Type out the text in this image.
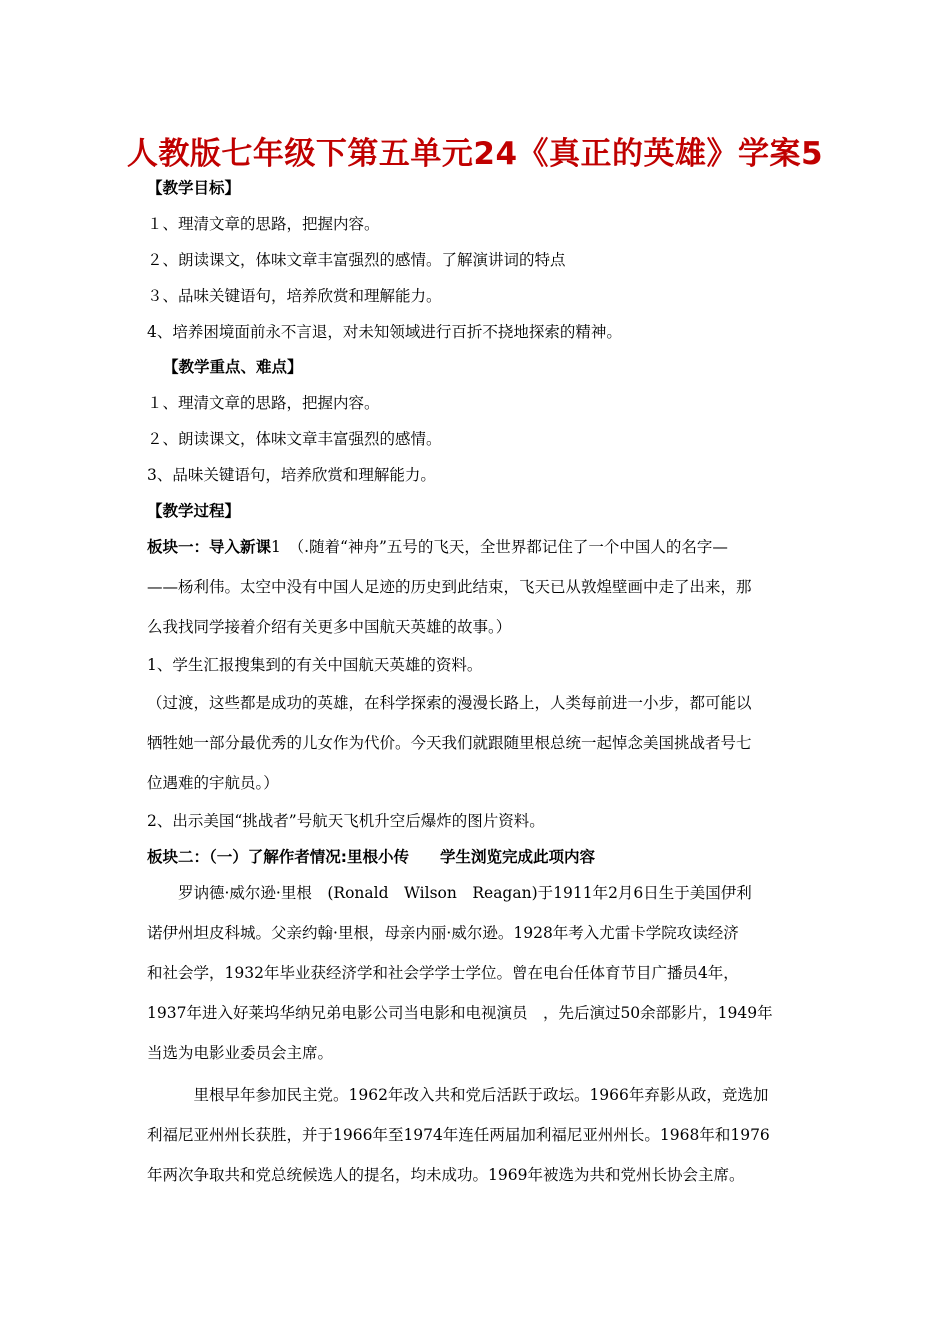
人教版七年级下第五单元24《真正的英雄》学案5
【教学目标】
１、理清文章的思路，把握内容。
２、朗读课文，体味文章丰富强烈的感情。了解演讲词的特点
３、品味关键语句，培养欣赏和理解能力。
4、培养困境面前永不言退，对未知领域进行百折不挠地探索的精神。
【教学重点、难点】
１、理清文章的思路，把握内容。
２、朗读课文，体味文章丰富强烈的感情。
3、品味关键语句，培养欣赏和理解能力。
【教学过程】
板块一：导入新课1　（.随着“神舟”五号的飞天，全世界都记住了一个中国人的名字—
——杨利伟。太空中没有中国人足迹的历史到此结束，飞天已从敦煌壁画中走了出来，那
么我找同学接着介绍有关更多中国航天英雄的故事。）
1、学生汇报搜集到的有关中国航天英雄的资料。
（过渡，这些都是成功的英雄，在科学探索的漫漫长路上，人类每前进一小步，都可能以
牺牲她一部分最优秀的儿女作为代价。今天我们就跟随里根总统一起悼念美国挑战者号七
位遇难的宇航员。）
2、出示美国“挑战者”号航天飞机升空后爆炸的图片资料。
板块二：（一）了解作者情况:里根小传　　学生浏览完成此项内容
　　罗讷德·威尔逊·里根　(Ronald　Wilson　Reagan)于1911年2月6日生于美国伊利
诺伊州坦皮科城。父亲约翰·里根，母亲内丽·威尔逊。1928年考入尤雷卡学院攻读经济
和社会学，1932年毕业获经济学和社会学学士学位。曾在电台任体育节目广播员4年，
1937年进入好莱坞华纳兄弟电影公司当电影和电视演员　，先后演过50余部影片，1949年
当选为电影业委员会主席。
　　　里根早年参加民主党。1962年改入共和党后活跃于政坛。1966年弃影从政，竞选加
利福尼亚州州长获胜，并于1966年至1974年连任两届加利福尼亚州州长。1968年和1976
年两次争取共和党总统候选人的提名，均未成功。1969年被选为共和党州长协会主席。
